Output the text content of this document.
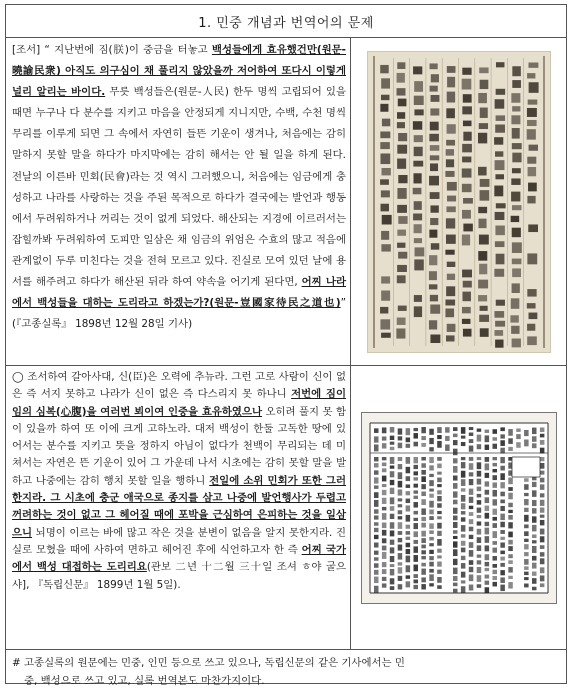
1. 민중 개념과 번역어의 문제
[조서] “ 지난번에 짐(朕)이 중금을 터놓고 백성들에게 효유했건만(원문-曉諭民衆) 아직도 의구심이 채 풀리지 않았을까 저어하여 또다시 이렇게 널리 알리는 바이다. 무릇 백성들은(원문-人民) 한두 명씩 고립되어 있을 때면 누구나 다 분수를 지키고 마음을 안정되게 지니지만, 수백, 수천 명씩 무리를 이루게 되면 그 속에서 자연히 들뜬 기운이 생겨나, 처음에는 감히 말하지 못할 말을 하다가 마지막에는 감히 해서는 안 될 일을 하게 된다. 전날의 이른바 민회(民會)라는 것 역시 그러했으니, 처음에는 임금에게 충성하고 나라를 사랑하는 것을 주된 목적으로 하다가 결국에는 발언과 행동에서 두려워하거나 꺼리는 것이 없게 되었다. 해산되는 지경에 이르러서는 잡힐까봐 두려워하여 도피만 일삼은 채 임금의 위엄은 수효의 많고 적음에 관계없이 두루 미친다는 것을 전혀 모르고 있다. 진실로 모여 있던 날에 용서를 해주려고 하다가 해산된 뒤라 하여 약속을 어기게 된다면, 어찌 나라에서 백성들을 대하는 도리라고 하겠는가?(원문-豈國家待民之道也)” (『고종실록』 1898년 12월 28일 기사)
◯ 조서하여 갈아사대, 신(臣)은 오력에 추뉴라. 그런 고로 사람이 신이 없은 즉 서지 못하고 나라가 신이 없은 즉 다스리지 못 하나니 저번에 짐이 임의 심복(心腹)을 여러번 뵈이여 인중을 효유하였으나 오히려 풀지 못 함이 있을까 하여 또 이에 크게 고하노라. 대저 백성이 한둘 고독한 땅에 있어서는 분수를 지키고 뜻을 정하지 아님이 없다가 천백이 무리되는 데 미쳐서는 자연은 뜬 기운이 있어 그 가운데 나서 시초에는 감히 못할 말을 발하고 나중에는 감히 행치 못할 일을 행하니 전일에 소위 민회가 또한 그러한지라. 그 시초에 충군 애국으로 종지를 삼고 나중에 발언행사가 두렵고 꺼려하는 것이 없고 그 헤어질 때에 포박을 근심하여 은피하는 것을 일삼으니 뇌명이 이르는 바에 많고 작은 것을 분변이 없음을 알지 못한지라. 진실로 모혔을 때에 사하여 면하고 헤어진 후에 식언하고자 한 즉 어찌 국가에서 백성 대접하는 도리리요(관보 二년 十二월 三十일 조셔 ㅎ야 굴으샤], 『독립신문』 1899년 1월 5일).
# 고종실록의 원문에는 민중, 인민 등으로 쓰고 있으나, 독립신문의 같은 기사에서는 민
중, 백성으로 쓰고 있고, 실록 번역본도 마찬가지이다.
